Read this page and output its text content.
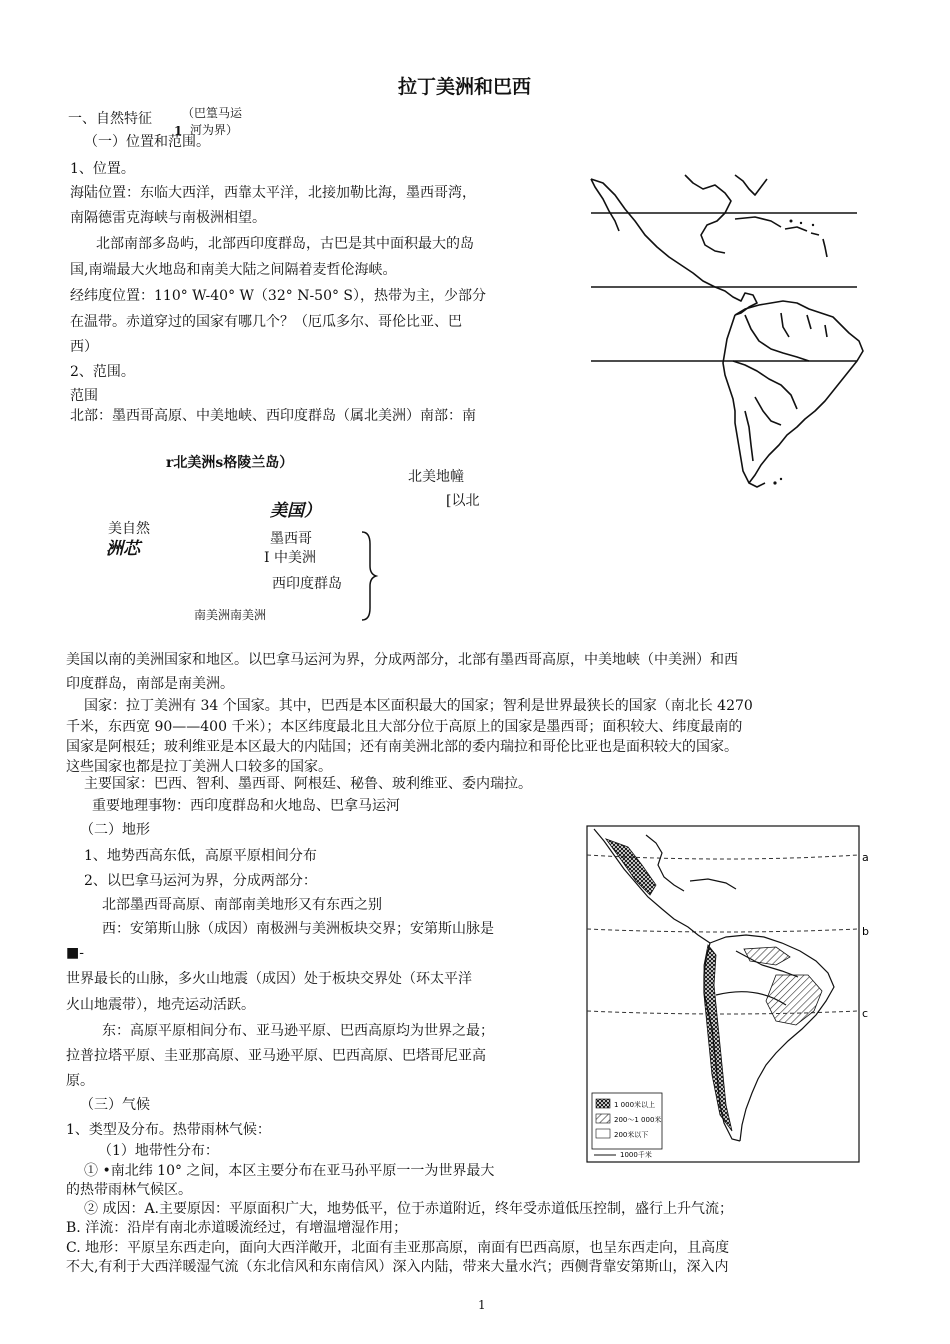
拉丁美洲和巴西
一、自然特征	（巴篁马运
河为界）
1
（一）位置和范围。
1、位置。
海陆位置：东临大西洋，西靠太平洋，北接加勒比海，墨西哥湾，
南隔德雷克海峡与南极洲相望。
北部南部多岛屿，北部西印度群岛，古巴是其中面积最大的岛
国,南端最大火地岛和南美大陆之间隔着麦哲伦海峡。
经纬度位置：110° W-40° W（32° N-50° S），热带为主，少部分
在温带。赤道穿过的国家有哪几个？（厄瓜多尔、哥伦比亚、巴
西）
2、范围。
范围
北部：墨西哥高原、中美地峡、西印度群岛（属北美洲）南部：南
r北美洲s格陵兰岛）
北美地幢
[以北
美国）
美自然
洲芯	墨西哥
I 中美洲
西印度群岛
南美洲南美洲
美国以南的美洲国家和地区。以巴拿马运河为界，分成两部分，北部有墨西哥高原，中美地峡（中美洲）和西
印度群岛，南部是南美洲。
国家：拉丁美洲有 34 个国家。其中，巴西是本区面积最大的国家；智利是世界最狭长的国家（南北长 4270
千米，东西宽 90——400 千米）；本区纬度最北且大部分位于高原上的国家是墨西哥；面积较大、纬度最南的
国家是阿根廷；玻利维亚是本区最大的内陆国；还有南美洲北部的委内瑞拉和哥伦比亚也是面积较大的国家。
这些国家也都是拉丁美洲人口较多的国家。
主要国家：巴西、智利、墨西哥、阿根廷、秘鲁、玻利维亚、委内瑞拉。
重要地理事物：西印度群岛和火地岛、巴拿马运河
（二）地形
1、地势西高东低，高原平原相间分布
2、以巴拿马运河为界，分成两部分：
北部墨西哥高原、南部南美地形又有东西之别
西：安第斯山脉（成因）南极洲与美洲板块交界；安第斯山脉是
■-
世界最长的山脉，多火山地震（成因）处于板块交界处（环太平洋
火山地震带），地壳运动活跃。
东：高原平原相间分布、亚马逊平原、巴西高原均为世界之最；
拉普拉塔平原、圭亚那高原、亚马逊平原、巴西高原、巴塔哥尼亚高
原。
a
b
c
1 000米以上
200～1 000米
200米以下
1000千米
（三）气候
1、类型及分布。热带雨林气候：
（1）地带性分布：
① •南北纬 10° 之间，本区主要分布在亚马孙平原一一为世界最大
的热带雨林气候区。
② 成因：A.主要原因：平原面积广大，地势低平，位于赤道附近，终年受赤道低压控制，盛行上升气流；
B. 洋流：沿岸有南北赤道暖流经过，有增温增湿作用；
C. 地形：平原呈东西走向，面向大西洋敞开，北面有圭亚那高原，南面有巴西高原，也呈东西走向，且高度
不大,有利于大西洋暖湿气流（东北信风和东南信风）深入内陆，带来大量水汽；西侧背靠安第斯山，深入内
1
